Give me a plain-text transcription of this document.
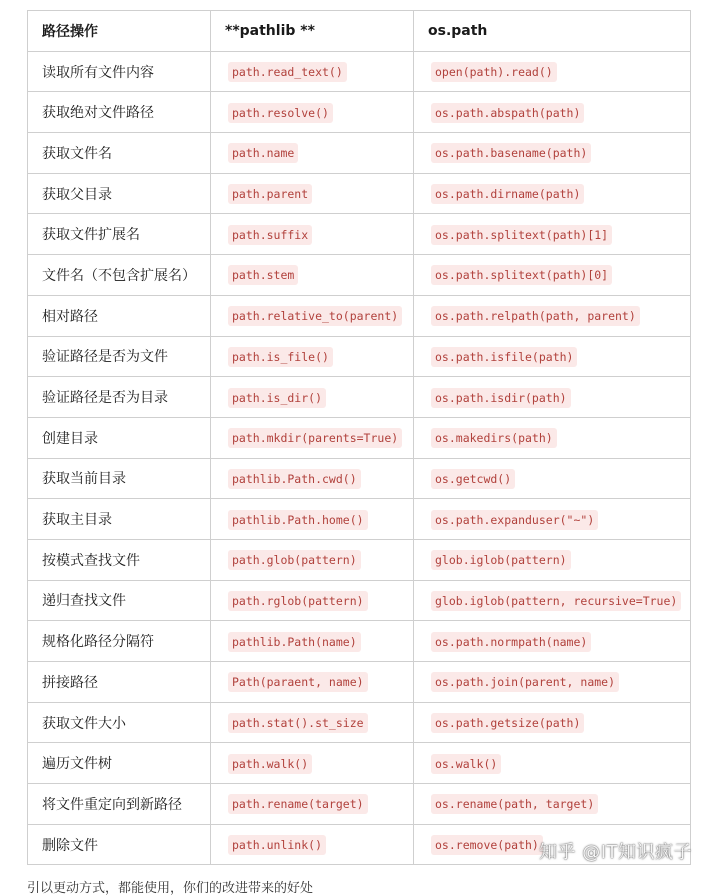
路径操作	**pathlib **	os.path
读取所有文件内容	path.read_text()	open(path).read()
获取绝对文件路径	path.resolve()	os.path.abspath(path)
获取文件名	path.name	os.path.basename(path)
获取父目录	path.parent	os.path.dirname(path)
获取文件扩展名	path.suffix	os.path.splitext(path)[1]
文件名（不包含扩展名）	path.stem	os.path.splitext(path)[0]
相对路径	path.relative_to(parent)	os.path.relpath(path, parent)
验证路径是否为文件	path.is_file()	os.path.isfile(path)
验证路径是否为目录	path.is_dir()	os.path.isdir(path)
创建目录	path.mkdir(parents=True)	os.makedirs(path)
获取当前目录	pathlib.Path.cwd()	os.getcwd()
获取主目录	pathlib.Path.home()	os.path.expanduser("~")
按模式查找文件	path.glob(pattern)	glob.iglob(pattern)
递归查找文件	path.rglob(pattern)	glob.iglob(pattern, recursive=True)
规格化路径分隔符	pathlib.Path(name)	os.path.normpath(name)
拼接路径	Path(paraent, name)	os.path.join(parent, name)
获取文件大小	path.stat().st_size	os.path.getsize(path)
遍历文件树	path.walk()	os.walk()
将文件重定向到新路径	path.rename(target)	os.rename(path, target)
删除文件	path.unlink()	os.remove(path) 知乎 @IT知识疯子
引以更动方式，都能使用，你们的改进带来的好处
